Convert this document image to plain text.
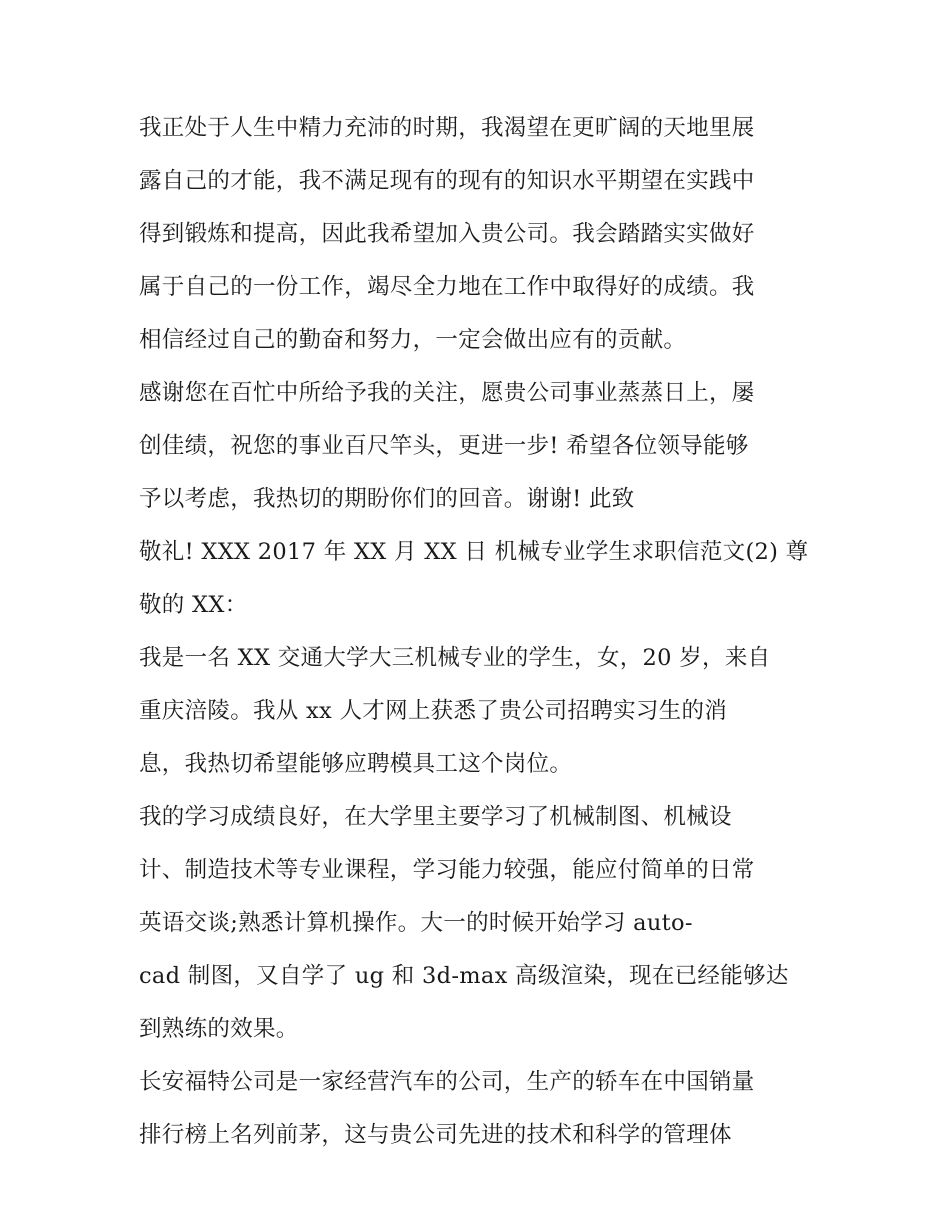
我正处于人生中精力充沛的时期，我渴望在更旷阔的天地里展
露自己的才能，我不满足现有的现有的知识水平期望在实践中
得到锻炼和提高，因此我希望加入贵公司。我会踏踏实实做好
属于自己的一份工作，竭尽全力地在工作中取得好的成绩。我
相信经过自己的勤奋和努力，一定会做出应有的贡献。
感谢您在百忙中所给予我的关注，愿贵公司事业蒸蒸日上，屡
创佳绩，祝您的事业百尺竿头，更进一步! 希望各位领导能够
予以考虑，我热切的期盼你们的回音。谢谢! 此致
敬礼! XXX 2017 年 XX 月 XX 日 机械专业学生求职信范文(2) 尊
敬的 XX：
我是一名 XX 交通大学大三机械专业的学生，女，20 岁，来自
重庆涪陵。我从 xx 人才网上获悉了贵公司招聘实习生的消
息，我热切希望能够应聘模具工这个岗位。
我的学习成绩良好，在大学里主要学习了机械制图、机械设
计、制造技术等专业课程，学习能力较强，能应付简单的日常
英语交谈;熟悉计算机操作。大一的时候开始学习 auto-
cad 制图，又自学了 ug 和 3d-max 高级渲染，现在已经能够达
到熟练的效果。
长安福特公司是一家经营汽车的公司，生产的轿车在中国销量
排行榜上名列前茅，这与贵公司先进的技术和科学的管理体
